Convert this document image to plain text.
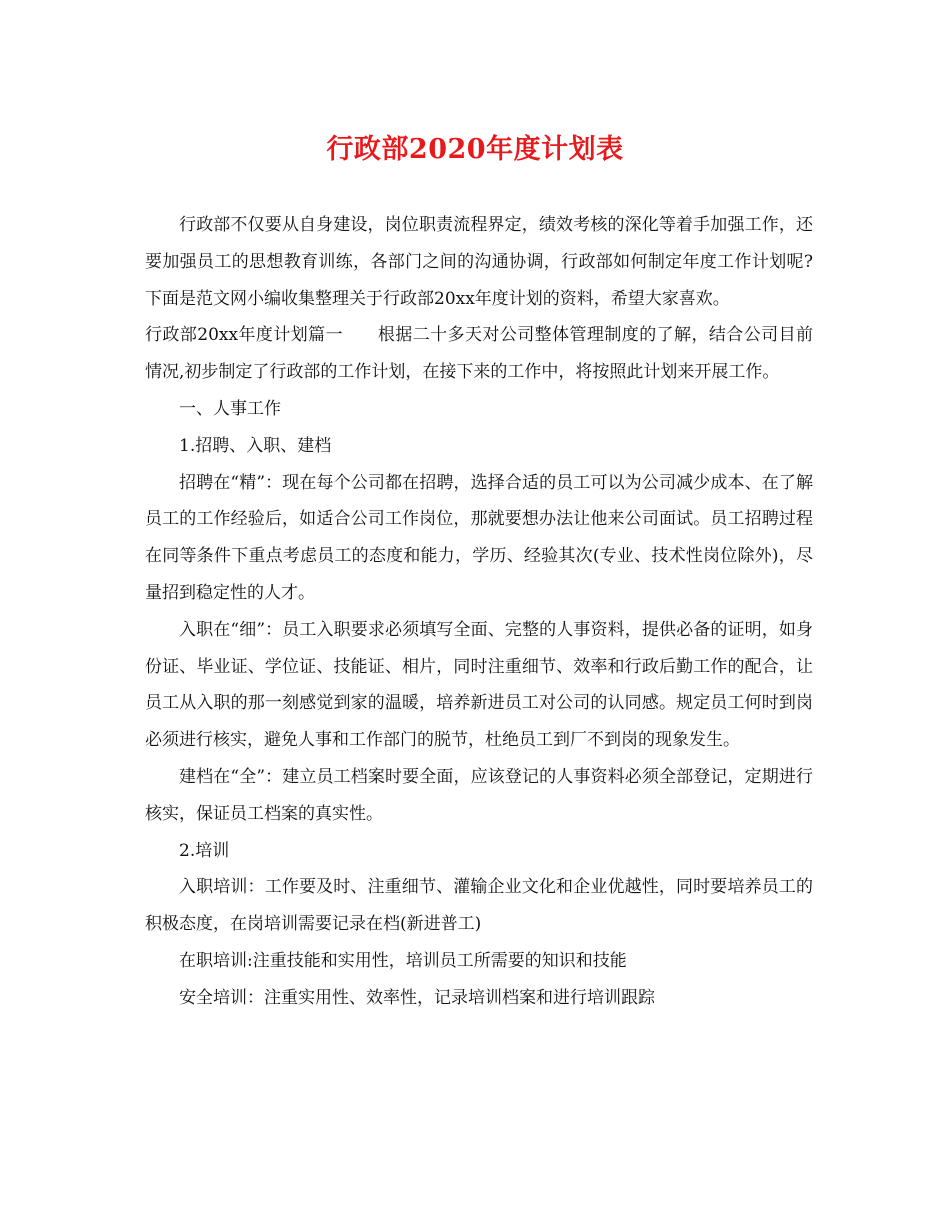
行政部2020年度计划表

行政部不仅要从自身建设，岗位职责流程界定，绩效考核的深化等着手加强工作，还要加强员工的思想教育训练，各部门之间的沟通协调，行政部如何制定年度工作计划呢?下面是范文网小编收集整理关于行政部20xx年度计划的资料，希望大家喜欢。

行政部20xx年度计划篇一　　根据二十多天对公司整体管理制度的了解，结合公司目前情况,初步制定了行政部的工作计划，在接下来的工作中，将按照此计划来开展工作。

一、人事工作

1.招聘、入职、建档

招聘在“精”：现在每个公司都在招聘，选择合适的员工可以为公司减少成本、在了解员工的工作经验后，如适合公司工作岗位，那就要想办法让他来公司面试。员工招聘过程在同等条件下重点考虑员工的态度和能力，学历、经验其次(专业、技术性岗位除外)，尽量招到稳定性的人才。

入职在“细”：员工入职要求必须填写全面、完整的人事资料，提供必备的证明，如身份证、毕业证、学位证、技能证、相片，同时注重细节、效率和行政后勤工作的配合，让员工从入职的那一刻感觉到家的温暖，培养新进员工对公司的认同感。规定员工何时到岗必须进行核实，避免人事和工作部门的脱节，杜绝员工到厂不到岗的现象发生。

建档在“全”：建立员工档案时要全面，应该登记的人事资料必须全部登记，定期进行核实，保证员工档案的真实性。

2.培训

入职培训：工作要及时、注重细节、灌输企业文化和企业优越性，同时要培养员工的积极态度，在岗培训需要记录在档(新进普工)

在职培训:注重技能和实用性，培训员工所需要的知识和技能

安全培训：注重实用性、效率性，记录培训档案和进行培训跟踪
